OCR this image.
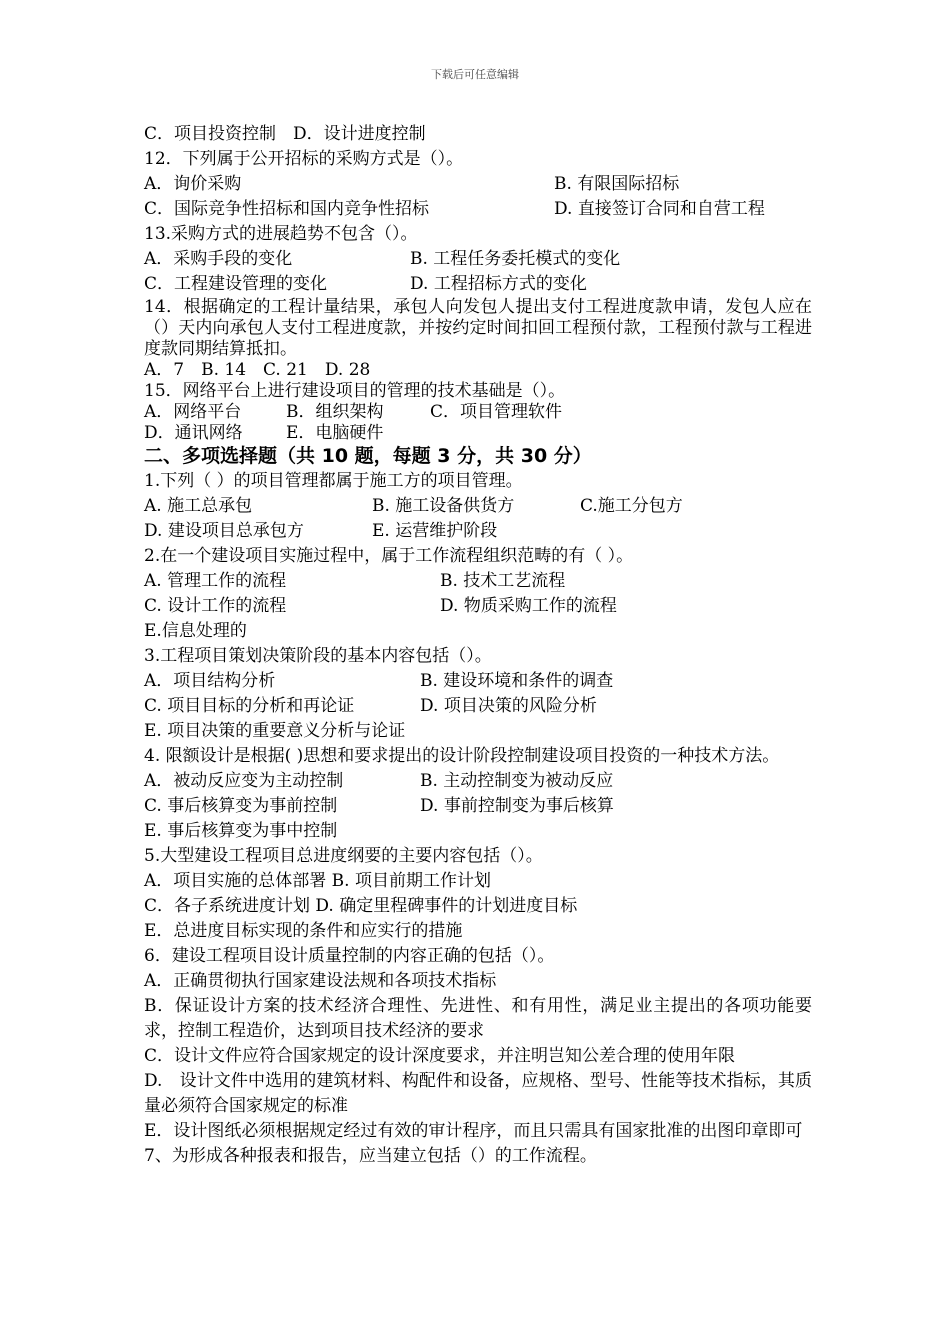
下载后可任意编辑
C．项目投资控制　D．设计进度控制
12．下列属于公开招标的采购方式是（）。
A．询价采购	B. 有限国际招标
C．国际竞争性招标和国内竞争性招标	D. 直接签订合同和自营工程
13.采购方式的进展趋势不包含（）。
A．采购手段的变化	B. 工程任务委托模式的变化
C．工程建设管理的变化	D. 工程招标方式的变化
14．根据确定的工程计量结果，承包人向发包人提出支付工程进度款申请，发包人应在（）天内向承包人支付工程进度款，并按约定时间扣回工程预付款，工程预付款与工程进度款同期结算抵扣。
A．7　B. 14　C. 21　D. 28
15．网络平台上进行建设项目的管理的技术基础是（）。
A．网络平台	B．组织架构	C．项目管理软件
D．通讯网络	E．电脑硬件
二、多项选择题（共 10 题，每题 3 分，共 30 分）
1.下列（ ）的项目管理都属于施工方的项目管理。
A. 施工总承包	B. 施工设备供货方	C.施工分包方
D. 建设项目总承包方	E. 运营维护阶段
2.在一个建设项目实施过程中，属于工作流程组织范畴的有（ ）。
A. 管理工作的流程	B. 技术工艺流程
C. 设计工作的流程	D. 物质采购工作的流程
E.信息处理的
3.工程项目策划决策阶段的基本内容包括（）。
A．项目结构分析	B. 建设环境和条件的调查
C. 项目目标的分析和再论证	D. 项目决策的风险分析
E. 项目决策的重要意义分析与论证
4. 限额设计是根据( )思想和要求提出的设计阶段控制建设项目投资的一种技术方法。
A．被动反应变为主动控制	B. 主动控制变为被动反应
C. 事后核算变为事前控制	D. 事前控制变为事后核算
E. 事后核算变为事中控制
5.大型建设工程项目总进度纲要的主要内容包括（）。
A．项目实施的总体部署 B. 项目前期工作计划
C．各子系统进度计划 D. 确定里程碑事件的计划进度目标
E．总进度目标实现的条件和应实行的措施
6．建设工程项目设计质量控制的内容正确的包括（）。
A．正确贯彻执行国家建设法规和各项技术指标
B．保证设计方案的技术经济合理性、先进性、和有用性，满足业主提出的各项功能要求，控制工程造价，达到项目技术经济的要求
C．设计文件应符合国家规定的设计深度要求，并注明岂知公差合理的使用年限
D.　设计文件中选用的建筑材料、构配件和设备，应规格、型号、性能等技术指标，其质量必须符合国家规定的标准
E．设计图纸必须根据规定经过有效的审计程序，而且只需具有国家批准的出图印章即可
7、为形成各种报表和报告，应当建立包括（）的工作流程。
